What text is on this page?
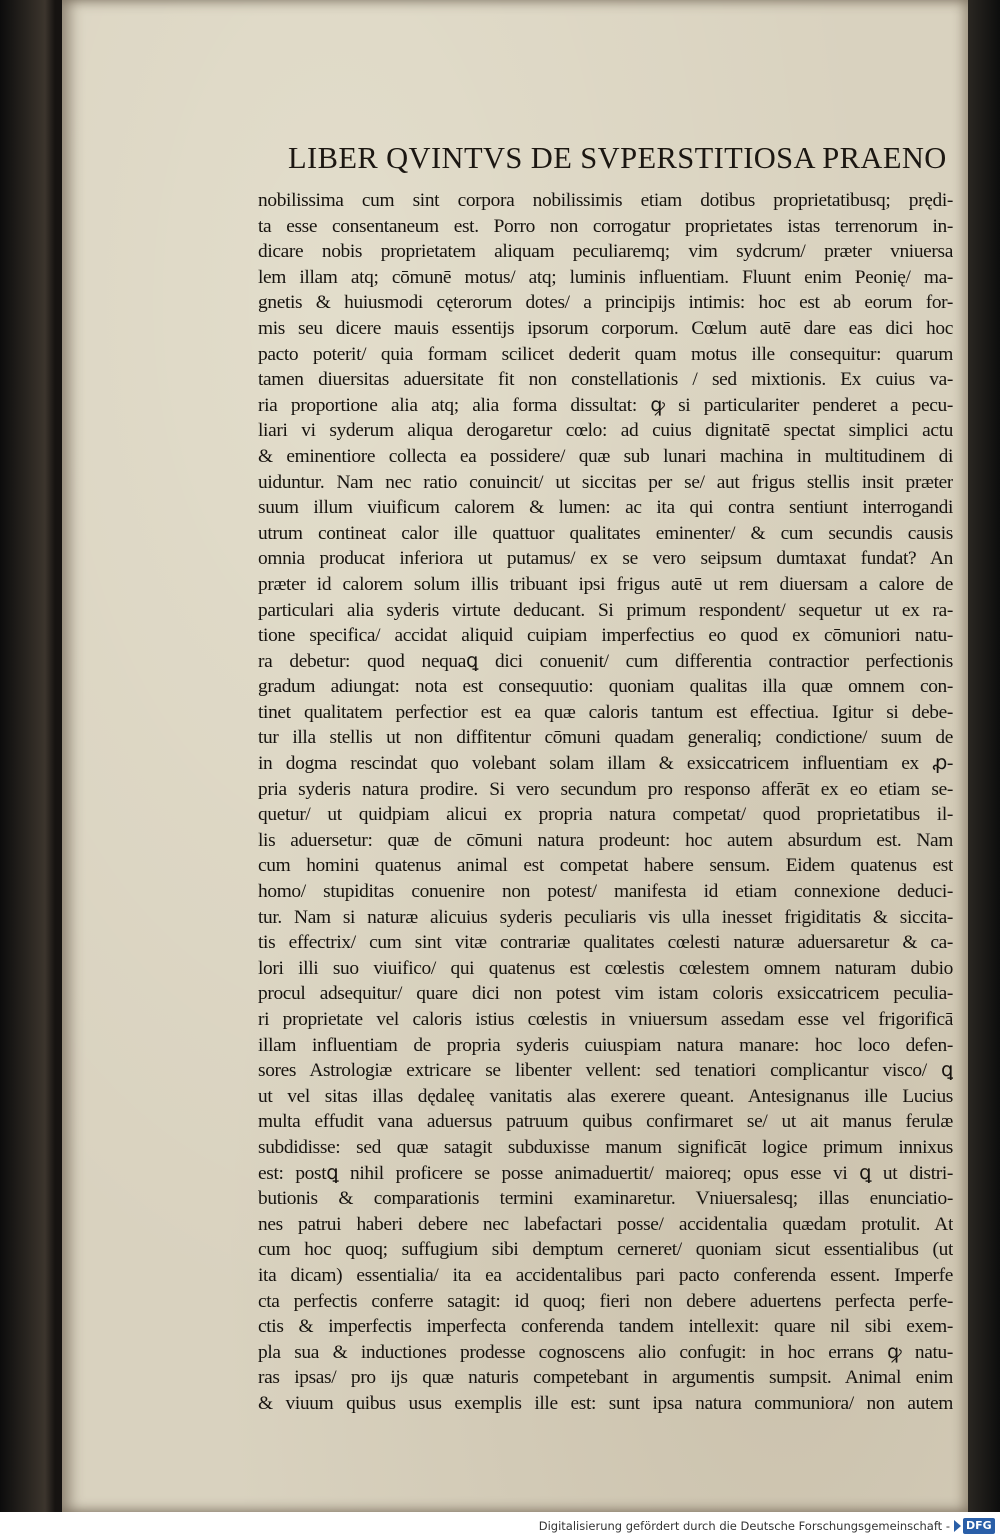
LIBER QVINTVS DE SVPERSTITIOSA PRAENO
nobilissima cum sint corpora nobilissimis etiam dotibus proprietatibusq; prędi-
ta esse consentaneum est. Porro non corrogatur proprietates istas terrenorum in-
dicare nobis proprietatem aliquam peculiaremq; vim sydcrum/ prӕter vniuersa
lem illam atq; cōmunē motus/ atq; luminis influentiam. Fluunt enim Peonię/ ma-
gnetis & huiusmodi cęterorum dotes/ a principijs intimis: hoc est ab eorum for-
mis seu dicere mauis essentijs ipsorum corporum. Cœlum autē dare eas dici hoc
pacto poterit/ quia formam scilicet dederit quam motus ille consequitur: quarum
tamen diuersitas aduersitate fit non constellationis / sed mixtionis. Ex cuius va-
ria proportione alia atq; alia forma dissultat: ꝙ si particulariter penderet a pecu-
liari vi syderum aliqua derogaretur cœlo: ad cuius dignitatē spectat simplici actu
& eminentiore collecta ea possidere/ quӕ sub lunari machina in multitudinem di
uiduntur. Nam nec ratio conuincit/ ut siccitas per se/ aut frigus stellis insit prӕter
suum illum viuificum calorem & lumen: ac ita qui contra sentiunt interrogandi
utrum contineat calor ille quattuor qualitates eminenter/ & cum secundis causis
omnia producat inferiora ut putamus/ ex se vero seipsum dumtaxat fundat? An
prӕter id calorem solum illis tribuant ipsi frigus autē ut rem diuersam a calore de
particulari alia syderis virtute deducant. Si primum respondent/ sequetur ut ex ra-
tione specifica/ accidat aliquid cuipiam imperfectius eo quod ex cōmuniori natu-
ra debetur: quod nequaꝗ dici conuenit/ cum differentia contractior perfectionis
gradum adiungat: nota est consequutio: quoniam qualitas illa quӕ omnem con-
tinet qualitatem perfectior est ea quӕ caloris tantum est effectiua. Igitur si debe-
tur illa stellis ut non diffitentur cōmuni quadam generaliq; condictione/ suum de
in dogma rescindat quo volebant solam illam & exsiccatricem influentiam ex ꝓ-
pria syderis natura prodire. Si vero secundum pro responso afferāt ex eo etiam se-
quetur/ ut quidpiam alicui ex propria natura competat/ quod proprietatibus il-
lis aduersetur: quӕ de cōmuni natura prodeunt: hoc autem absurdum est. Nam
cum homini quatenus animal est competat habere sensum. Eidem quatenus est
homo/ stupiditas conuenire non potest/ manifesta id etiam connexione deduci-
tur. Nam si naturӕ alicuius syderis peculiaris vis ulla inesset frigiditatis & siccita-
tis effectrix/ cum sint vitӕ contrariӕ qualitates cœlesti naturӕ aduersaretur & ca-
lori illi suo viuifico/ qui quatenus est cœlestis cœlestem omnem naturam dubio
procul adsequitur/ quare dici non potest vim istam coloris exsiccatricem peculia-
ri proprietate vel caloris istius cœlestis in vniuersum assedam esse vel frigorificā
illam influentiam de propria syderis cuiuspiam natura manare: hoc loco defen-
sores Astrologiӕ extricare se libenter vellent: sed tenatiori complicantur visco/ ꝗ
ut vel sitas illas dędaleę vanitatis alas exerere queant. Antesignanus ille Lucius
multa effudit vana aduersus patruum quibus confirmaret se/ ut ait manus ferulӕ
subdidisse: sed quӕ satagit subduxisse manum significāt logice primum innixus
est: postꝗ nihil proficere se posse animaduertit/ maioreq; opus esse vi ꝗ ut distri-
butionis & comparationis termini examinaretur. Vniuersalesq; illas enunciatio-
nes patrui haberi debere nec labefactari posse/ accidentalia quӕdam protulit. At
cum hoc quoq; suffugium sibi demptum cerneret/ quoniam sicut essentialibus (ut
ita dicam) essentialia/ ita ea accidentalibus pari pacto conferenda essent. Imperfe
cta perfectis conferre satagit: id quoq; fieri non debere aduertens perfecta perfe-
ctis & imperfectis imperfecta conferenda tandem intellexit: quare nil sibi exem-
pla sua & inductiones prodesse cognoscens alio confugit: in hoc errans ꝙ natu-
ras ipsas/ pro ijs quӕ naturis competebant in argumentis sumpsit. Animal enim
& viuum quibus usus exemplis ille est: sunt ipsa natura communiora/ non autem
Digitalisierung gefördert durch die Deutsche Forschungsgemeinschaft - DFG
